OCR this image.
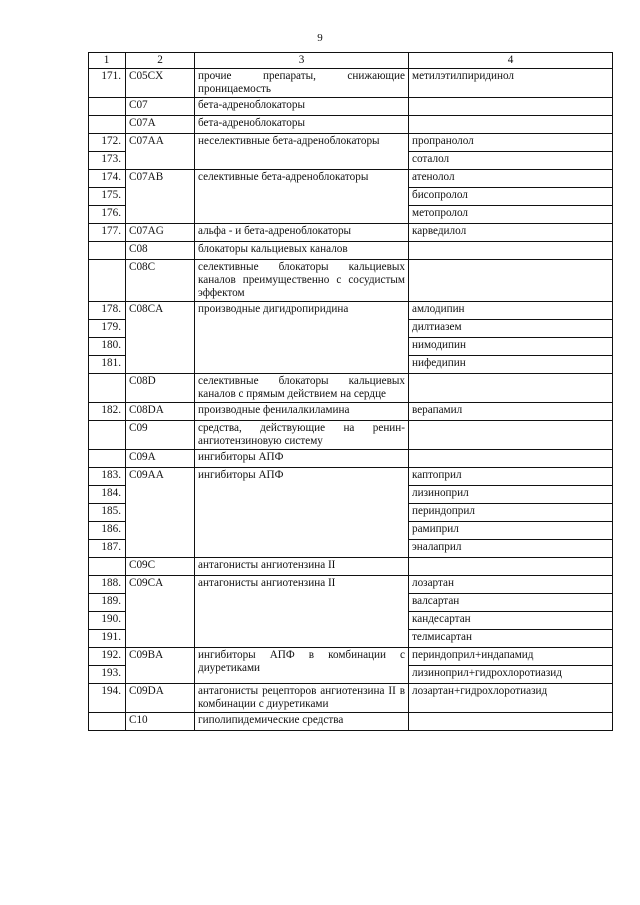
9
1	2	3	4
171.	C05CX	прочие препараты, снижающие проницаемость	метилэтилпиридинол
	C07	бета-адреноблокаторы	
	C07A	бета-адреноблокаторы	
172.	C07AA	неселективные бета-адреноблокаторы	пропранолол
173.			соталол
174.	C07AB	селективные бета-адреноблокаторы	атенолол
175.			бисопролол
176.			метопролол
177.	C07AG	альфа - и бета-адреноблокаторы	карведилол
	C08	блокаторы кальциевых каналов	
	C08C	селективные блокаторы кальциевых каналов преимущественно с сосудистым эффектом	
178.	C08CA	производные дигидропиридина	амлодипин
179.			дилтиазем
180.			нимодипин
181.			нифедипин
	C08D	селективные блокаторы кальциевых каналов с прямым действием на сердце	
182.	C08DA	производные фенилалкиламина	верапамил
	C09	средства, действующие на ренин-ангиотензиновую систему	
	C09A	ингибиторы АПФ	
183.	C09AA	ингибиторы АПФ	каптоприл
184.			лизиноприл
185.			периндоприл
186.			рамиприл
187.			эналаприл
	C09C	антагонисты ангиотензина II	
188.	C09CA	антагонисты ангиотензина II	лозартан
189.			валсартан
190.			кандесартан
191.			телмисартан
192.	C09BA	ингибиторы АПФ в комбинации с диуретиками	периндоприл+индапамид
193.			лизиноприл+гидрохлоротиазид
194.	C09DA	антагонисты рецепторов ангиотензина II в комбинации с диуретиками	лозартан+гидрохлоротиазид
	C10	гиполипидемические средства	
